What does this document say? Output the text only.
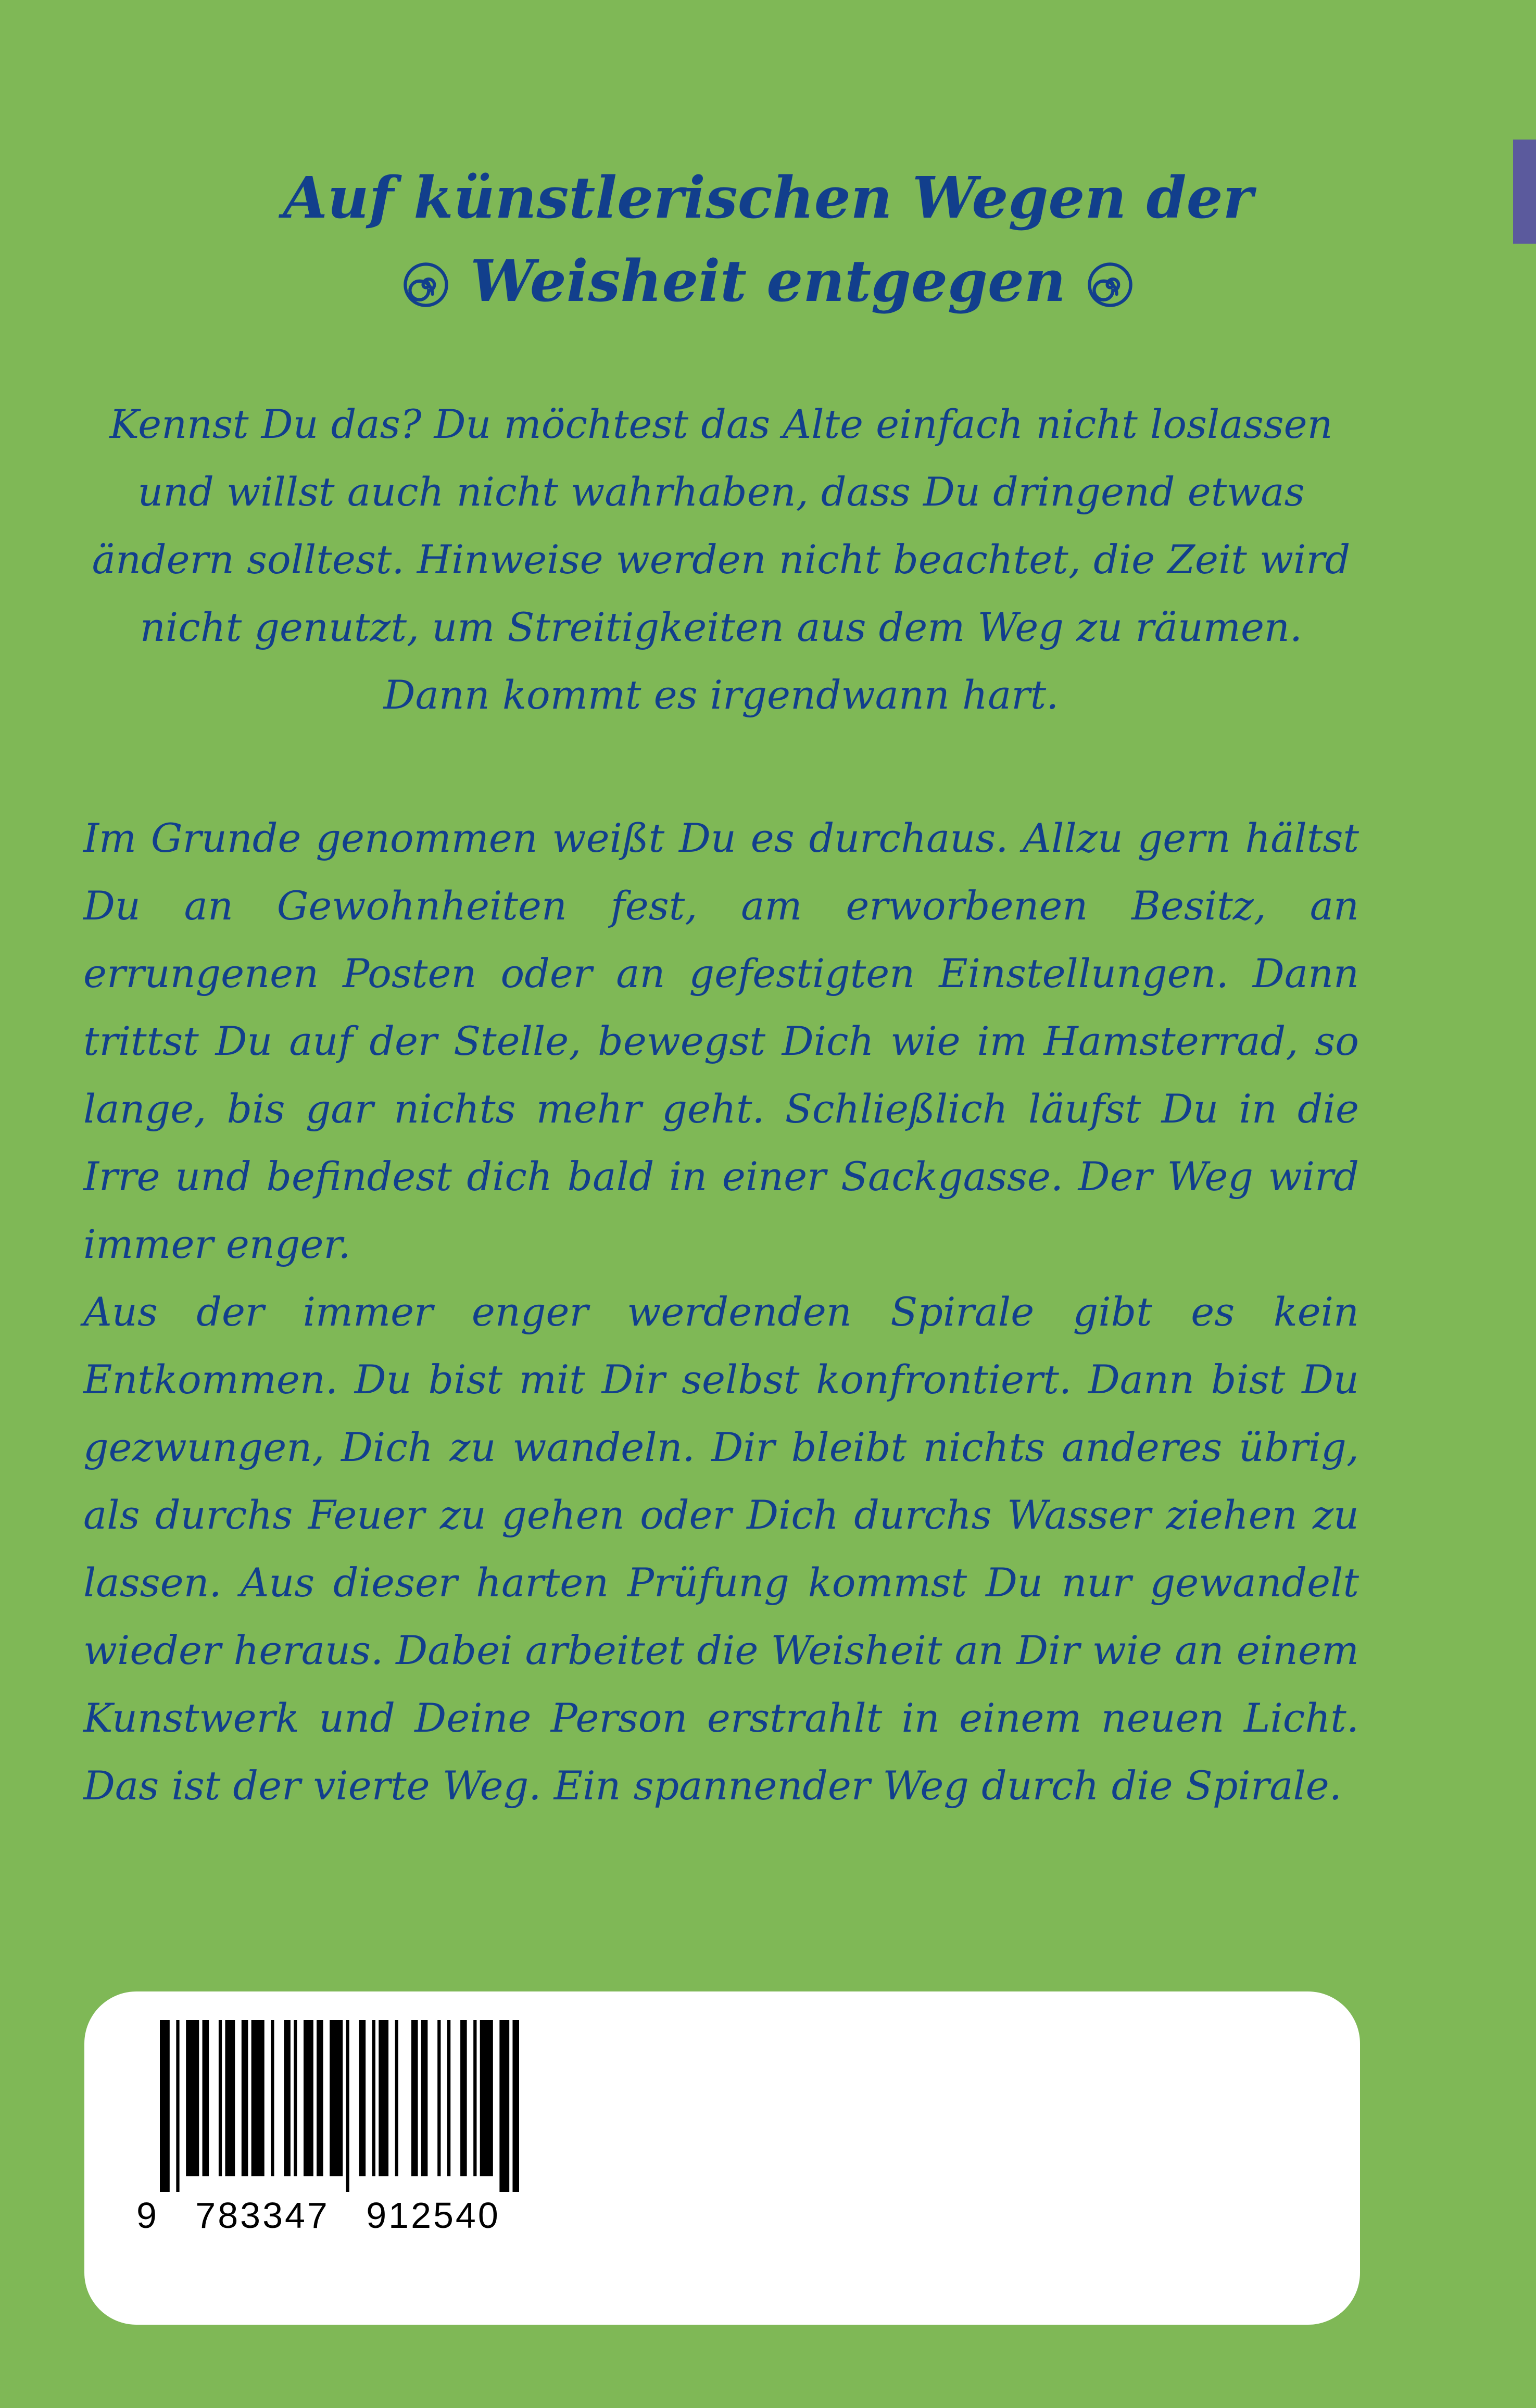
Auf künstlerischen Wegen der
Weisheit entgegen
Kennst Du das? Du möchtest das Alte einfach nicht loslassen und willst auch nicht wahrhaben, dass Du dringend etwas ändern solltest. Hinweise werden nicht beachtet, die Zeit wird nicht genutzt, um Streitigkeiten aus dem Weg zu räumen. Dann kommt es irgendwann hart.
Im Grunde genommen weißt Du es durchaus. Allzu gern hältst Du an Gewohnheiten fest, am erworbenen Besitz, an errungenen Posten oder an gefestigten Einstellungen. Dann trittst Du auf der Stelle, bewegst Dich wie im Hamsterrad, so lange, bis gar nichts mehr geht. Schließlich läufst Du in die Irre und befindest dich bald in einer Sackgasse. Der Weg wird immer enger.
Aus der immer enger werdenden Spirale gibt es kein Entkommen. Du bist mit Dir selbst konfrontiert. Dann bist Du gezwungen, Dich zu wandeln. Dir bleibt nichts anderes übrig, als durchs Feuer zu gehen oder Dich durchs Wasser ziehen zu lassen. Aus dieser harten Prüfung kommst Du nur gewandelt wieder heraus. Dabei arbeitet die Weisheit an Dir wie an einem Kunstwerk und Deine Person erstrahlt in einem neuen Licht. Das ist der vierte Weg. Ein spannender Weg durch die Spirale.
9   783347   912540
